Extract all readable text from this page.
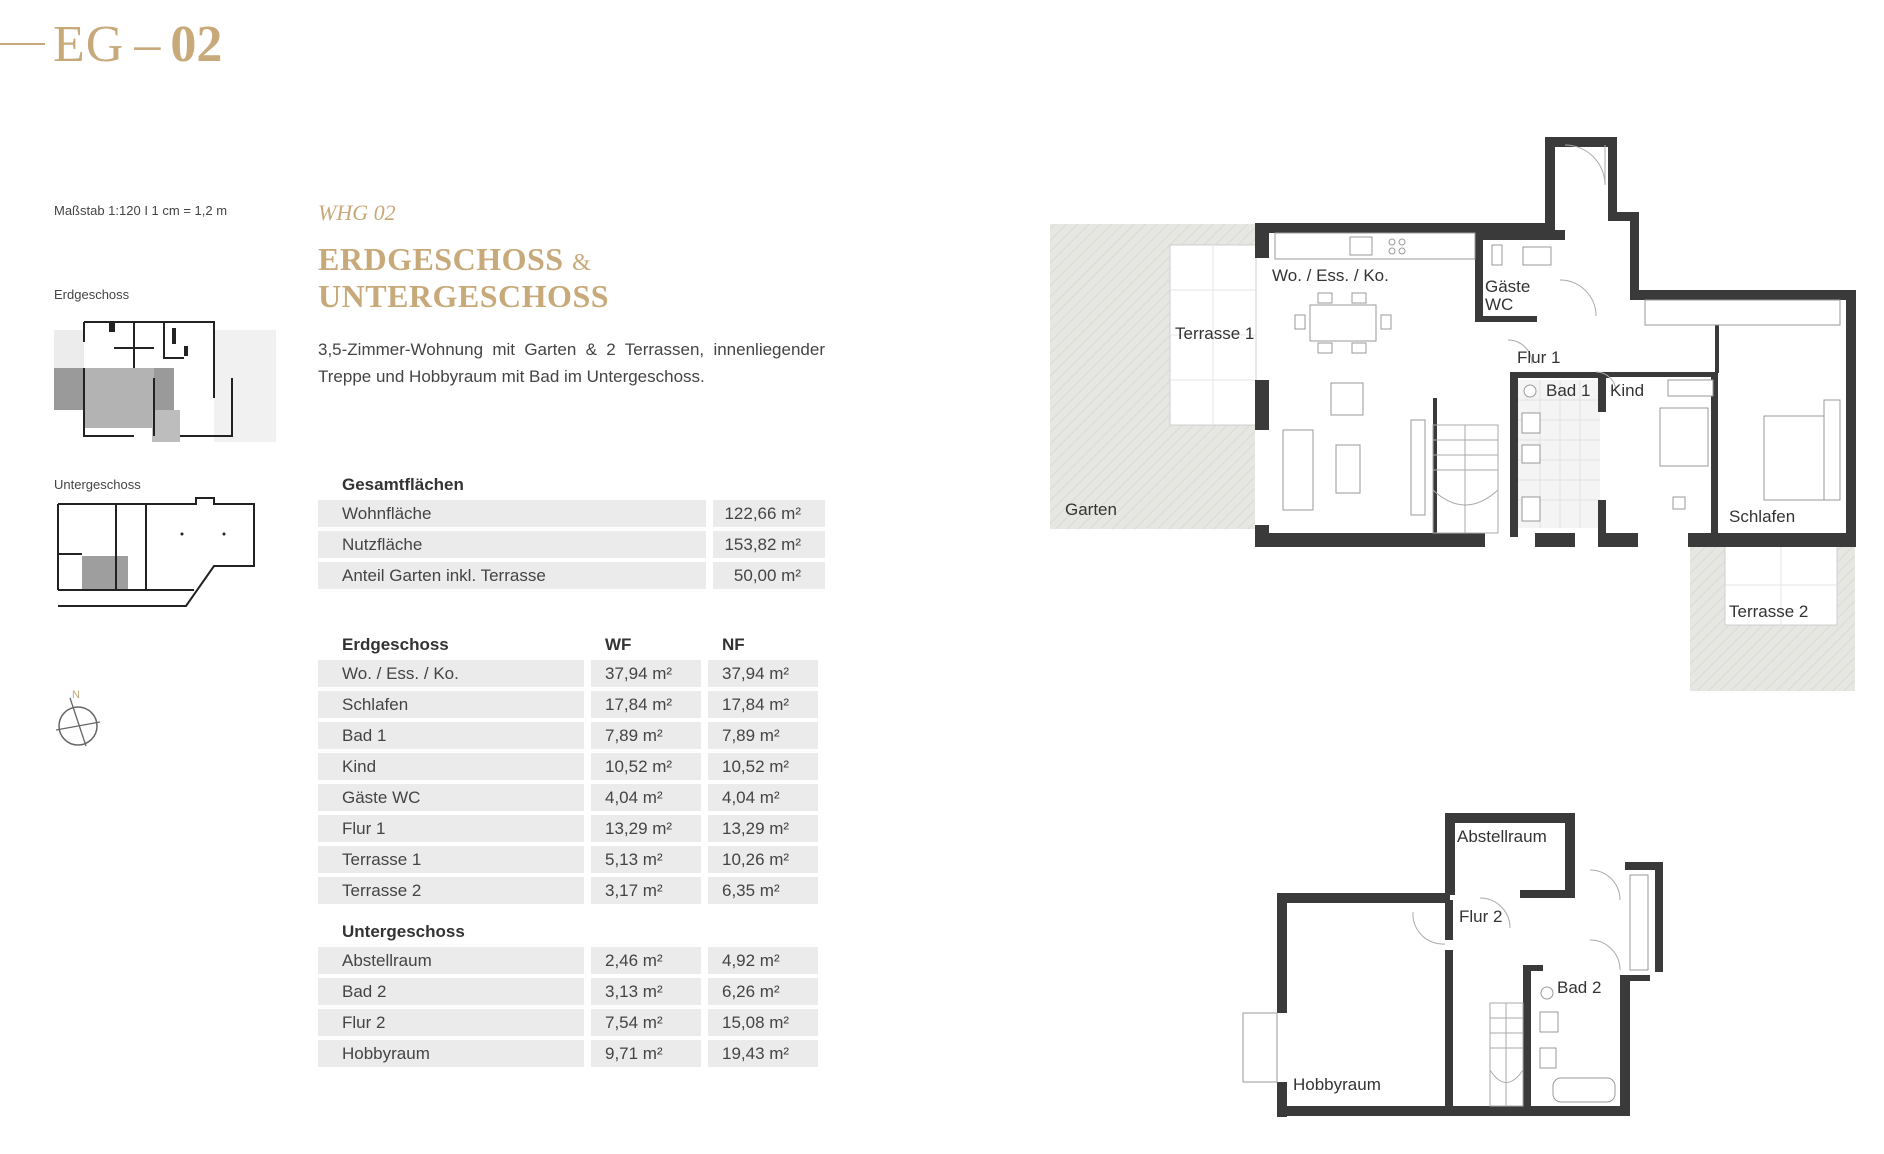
EG – 02
Maßstab 1:120 I 1 cm = 1,2 m
Erdgeschoss
Untergeschoss
N
WHG 02
ERDGESCHOSS &
UNTERGESCHOSS
3,5-Zimmer-Wohnung mit Garten & 2 Terrassen, innenliegender Treppe und Hobbyraum mit Bad im Untergeschoss.
Gesamtflächen
Wohnfläche	122,66 m²
Nutzfläche	153,82 m²
Anteil Garten inkl. Terrasse	50,00 m²
Erdgeschoss	WF	NF
Wo. / Ess. / Ko.	37,94 m²	37,94 m²
Schlafen	17,84 m²	17,84 m²
Bad 1	7,89 m²	7,89 m²
Kind	10,52 m²	10,52 m²
Gäste WC	4,04 m²	4,04 m²
Flur 1	13,29 m²	13,29 m²
Terrasse 1	5,13 m²	10,26 m²
Terrasse 2	3,17 m²	6,35 m²
Untergeschoss
Abstellraum	2,46 m²	4,92 m²
Bad 2	3,13 m²	6,26 m²
Flur 2	7,54 m²	15,08 m²
Hobbyraum	9,71 m²	19,43 m²
Wo. / Ess. / Ko.
Gäste
WC
Terrasse 1
Flur 1
Bad 1 Kind
Garten	Schlafen
Terrasse 2
Abstellraum
Flur 2
Bad 2
Hobbyraum
